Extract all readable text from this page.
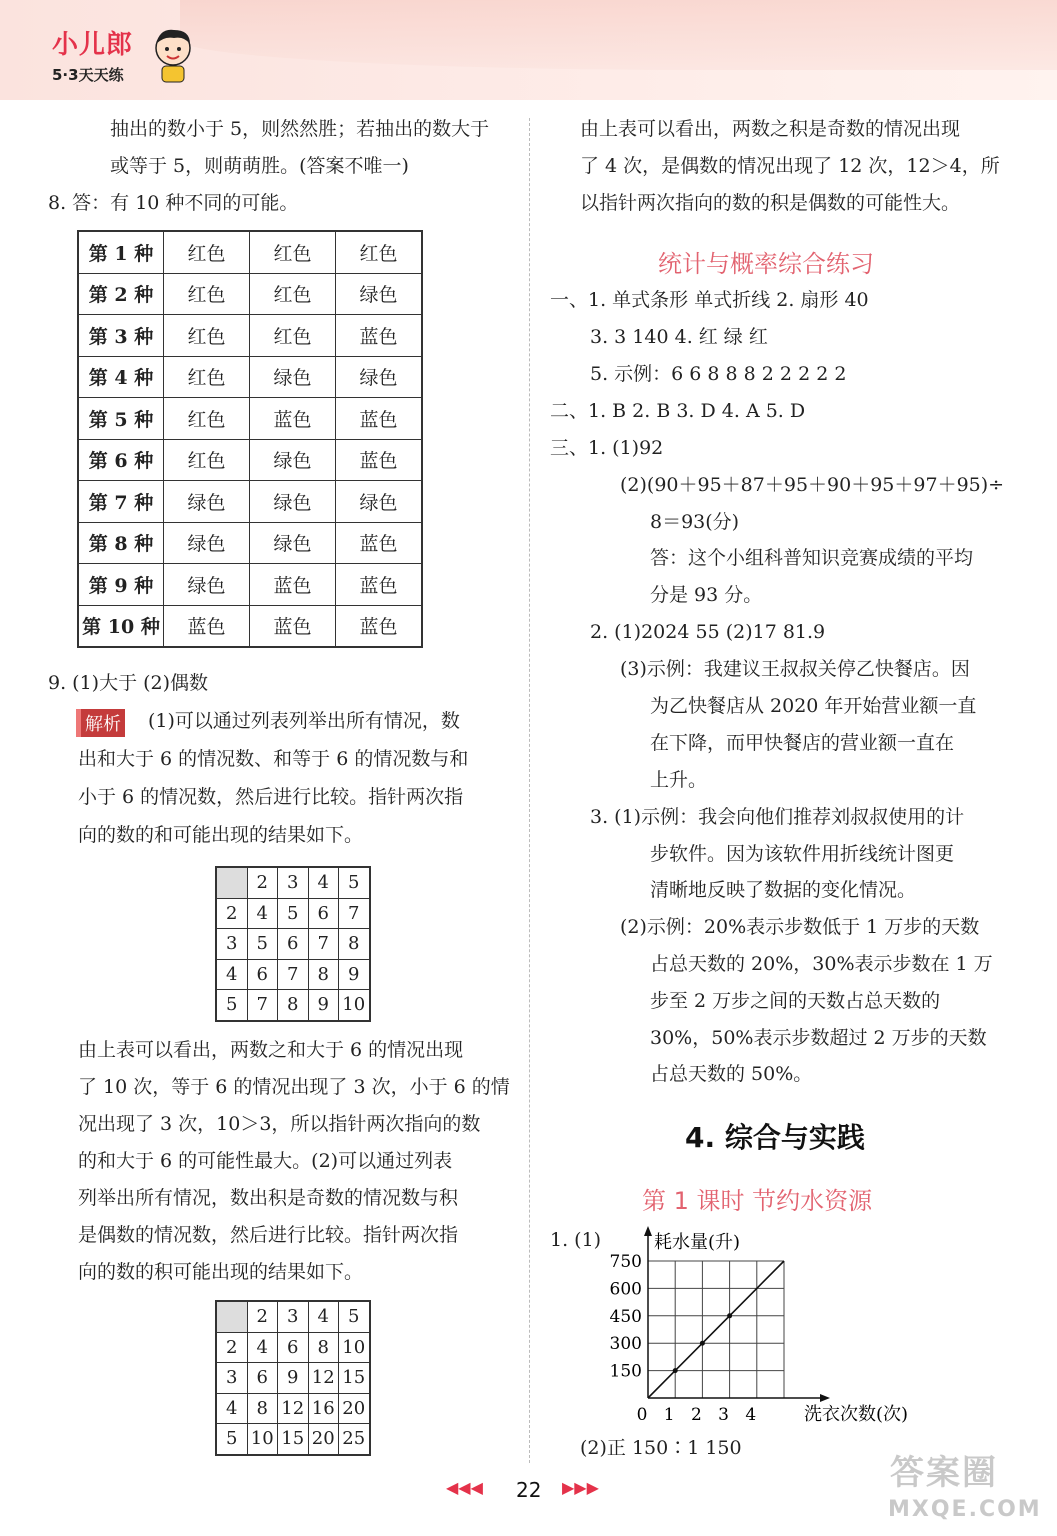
小儿郎
5·3天天练
抽出的数小于 5，则然然胜；若抽出的数大于
或等于 5，则萌萌胜。(答案不唯一)
8. 答：有 10 种不同的可能。
第 1 种	红色	红色	红色
第 2 种	红色	红色	绿色
第 3 种	红色	红色	蓝色
第 4 种	红色	绿色	绿色
第 5 种	红色	蓝色	蓝色
第 6 种	红色	绿色	蓝色
第 7 种	绿色	绿色	绿色
第 8 种	绿色	绿色	蓝色
第 9 种	绿色	蓝色	蓝色
第 10 种	蓝色	蓝色	蓝色
9. (1)大于 (2)偶数
解析 (1)可以通过列表列举出所有情况，数
出和大于 6 的情况数、和等于 6 的情况数与和
小于 6 的情况数，然后进行比较。指针两次指
向的数的和可能出现的结果如下。
	2	3	4	5
2	4	5	6	7
3	5	6	7	8
4	6	7	8	9
5	7	8	9	10
由上表可以看出，两数之和大于 6 的情况出现
了 10 次，等于 6 的情况出现了 3 次，小于 6 的情
况出现了 3 次，10＞3，所以指针两次指向的数
的和大于 6 的可能性最大。(2)可以通过列表
列举出所有情况，数出积是奇数的情况数与积
是偶数的情况数，然后进行比较。指针两次指
向的数的积可能出现的结果如下。
	2	3	4	5
2	4	6	8	10
3	6	9	12	15
4	8	12	16	20
5	10	15	20	25
由上表可以看出，两数之积是奇数的情况出现
了 4 次，是偶数的情况出现了 12 次，12＞4，所
以指针两次指向的数的积是偶数的可能性大。
统计与概率综合练习
一、1. 单式条形 单式折线 2. 扇形 40
3. 3 140 4. 红 绿 红
5. 示例：6 6 8 8 8 2 2 2 2 2
二、1. B 2. B 3. D 4. A 5. D
三、1. (1)92
(2)(90＋95＋87＋95＋90＋95＋97＋95)÷
8＝93(分)
答：这个小组科普知识竞赛成绩的平均
分是 93 分。
2. (1)2024 55 (2)17 81.9
(3)示例：我建议王叔叔关停乙快餐店。因
为乙快餐店从 2020 年开始营业额一直
在下降，而甲快餐店的营业额一直在
上升。
3. (1)示例：我会向他们推荐刘叔叔使用的计
步软件。因为该软件用折线统计图更
清晰地反映了数据的变化情况。
(2)示例：20%表示步数低于 1 万步的天数
占总天数的 20%，30%表示步数在 1 万
步至 2 万步之间的天数占总天数的
30%，50%表示步数超过 2 万步的天数
占总天数的 50%。
4. 综合与实践
第 1 课时 节约水资源
1. (1)
150
300
450
600
750
0 1 2 3 4
耗水量(升)
洗衣次数(次)
(2)正 150∶1 150
◀◀◀ 22 ▶▶▶	答案圈
MXQE.COM
